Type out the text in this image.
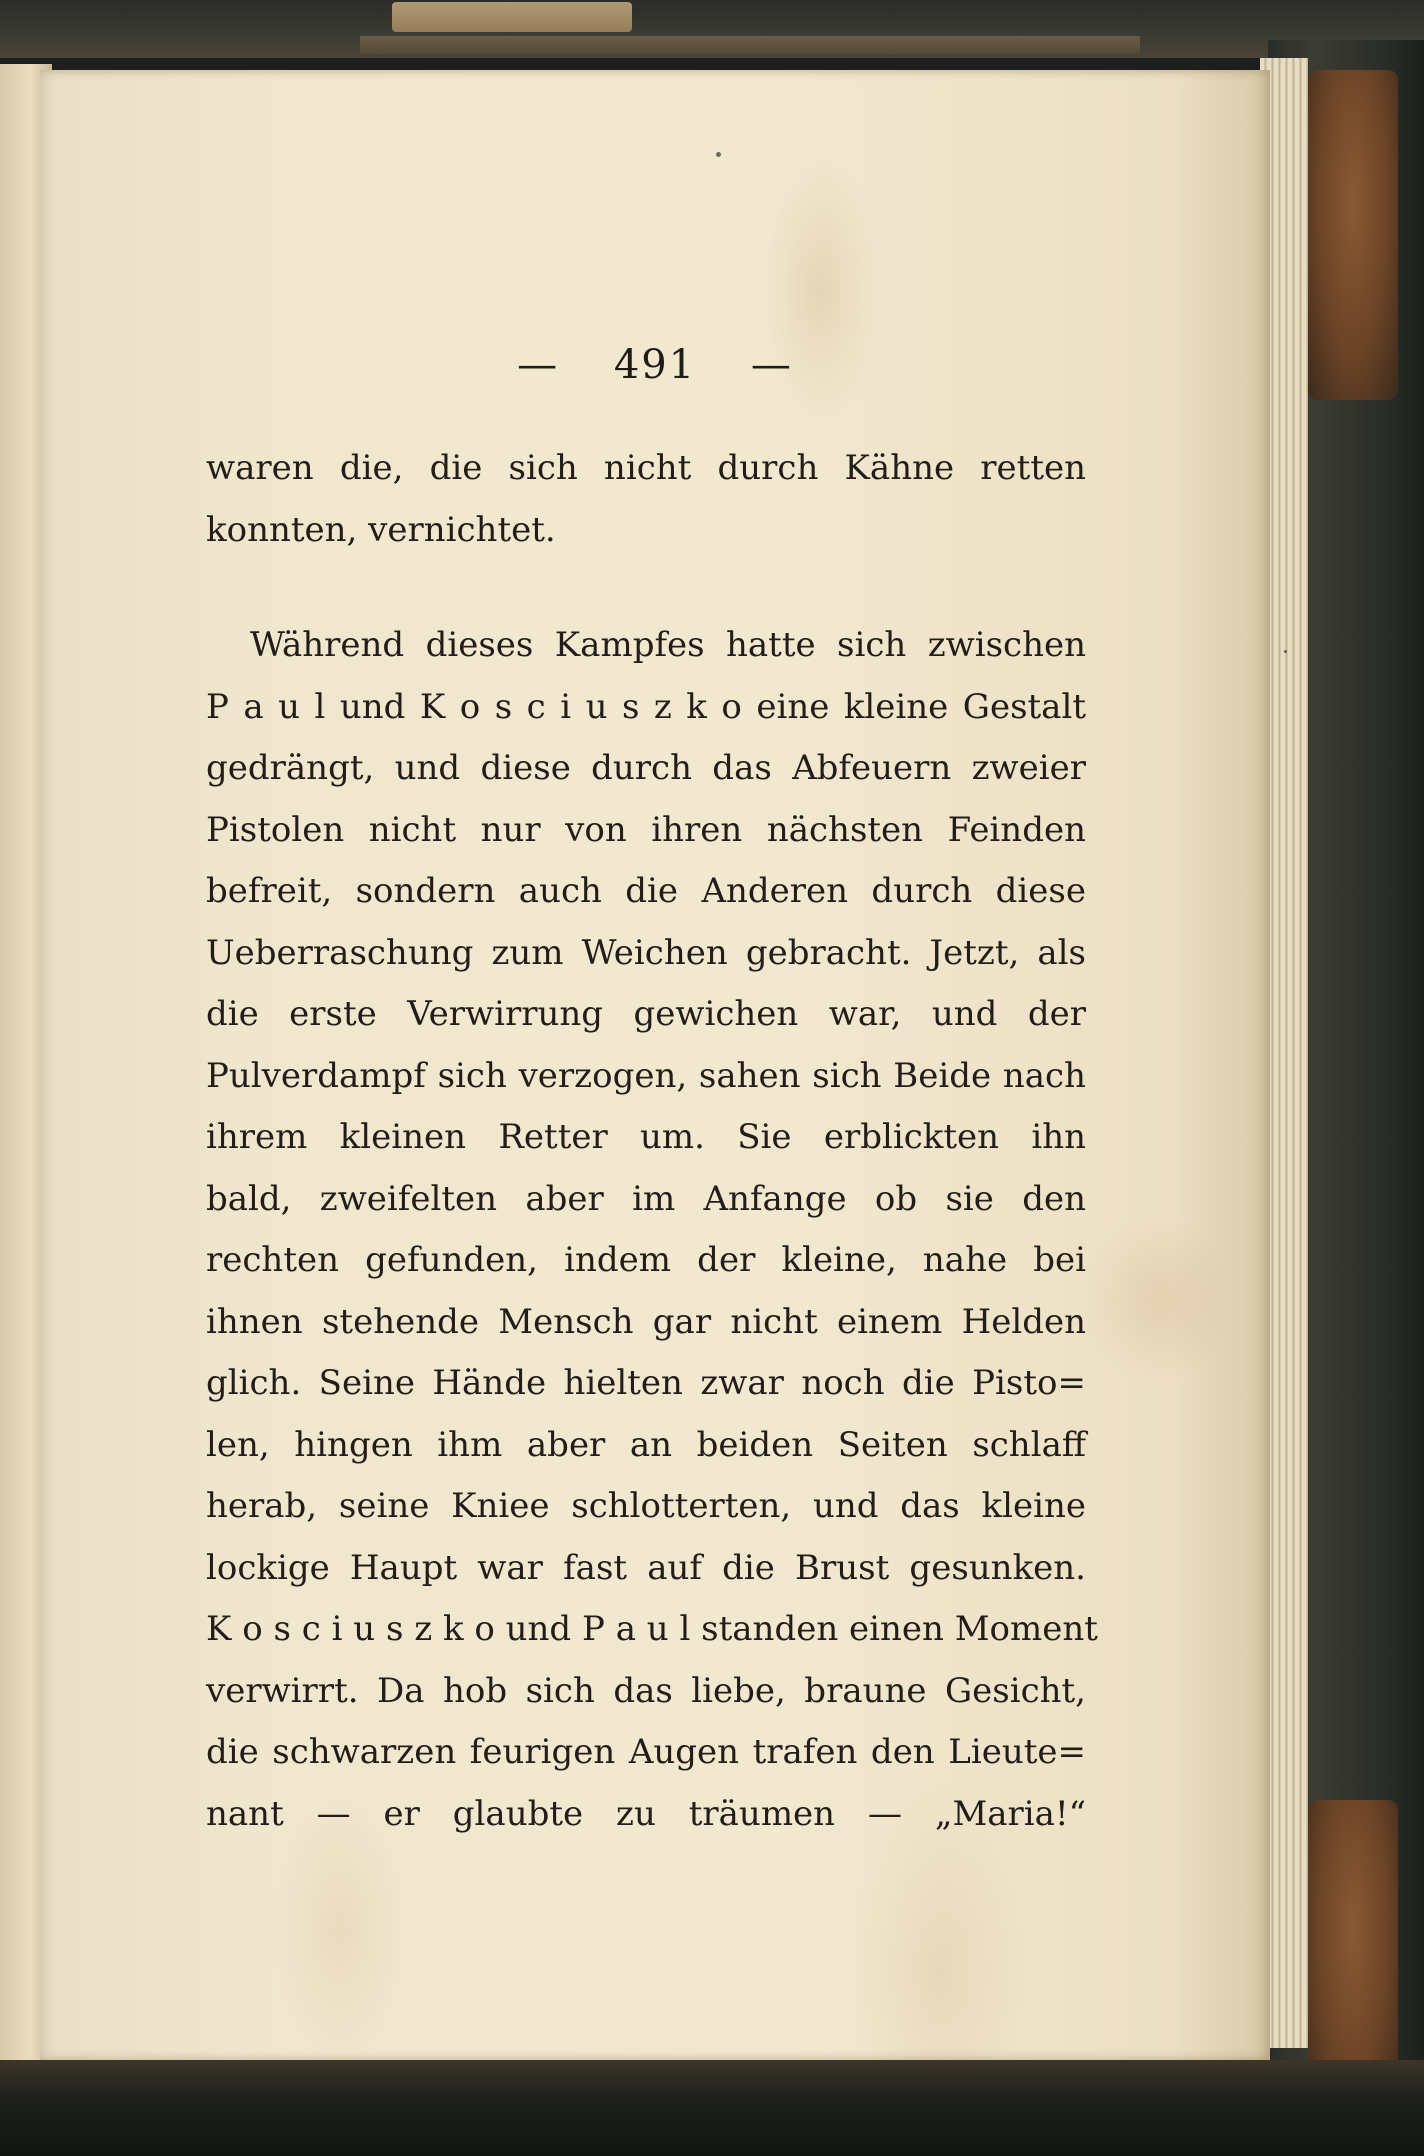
— 491 —
waren die, die sich nicht durch Kähne retten
konnten, vernichtet.
Während dieses Kampfes hatte sich zwischen
P a u l und K o s c i u s z k o eine kleine Gestalt
gedrängt, und diese durch das Abfeuern zweier
Pistolen nicht nur von ihren nächsten Feinden
befreit, sondern auch die Anderen durch diese
Ueberraschung zum Weichen gebracht. Jetzt, als
die erste Verwirrung gewichen war, und der
Pulverdampf sich verzogen, sahen sich Beide nach
ihrem kleinen Retter um. Sie erblickten ihn
bald, zweifelten aber im Anfange ob sie den
rechten gefunden, indem der kleine, nahe bei
ihnen stehende Mensch gar nicht einem Helden
glich. Seine Hände hielten zwar noch die Pisto=
len, hingen ihm aber an beiden Seiten schlaff
herab, seine Kniee schlotterten, und das kleine
lockige Haupt war fast auf die Brust gesunken.
K o s c i u s z k o und P a u l standen einen Moment
verwirrt. Da hob sich das liebe, braune Gesicht,
die schwarzen feurigen Augen trafen den Lieute=
nant — er glaubte zu träumen — „Maria!“
